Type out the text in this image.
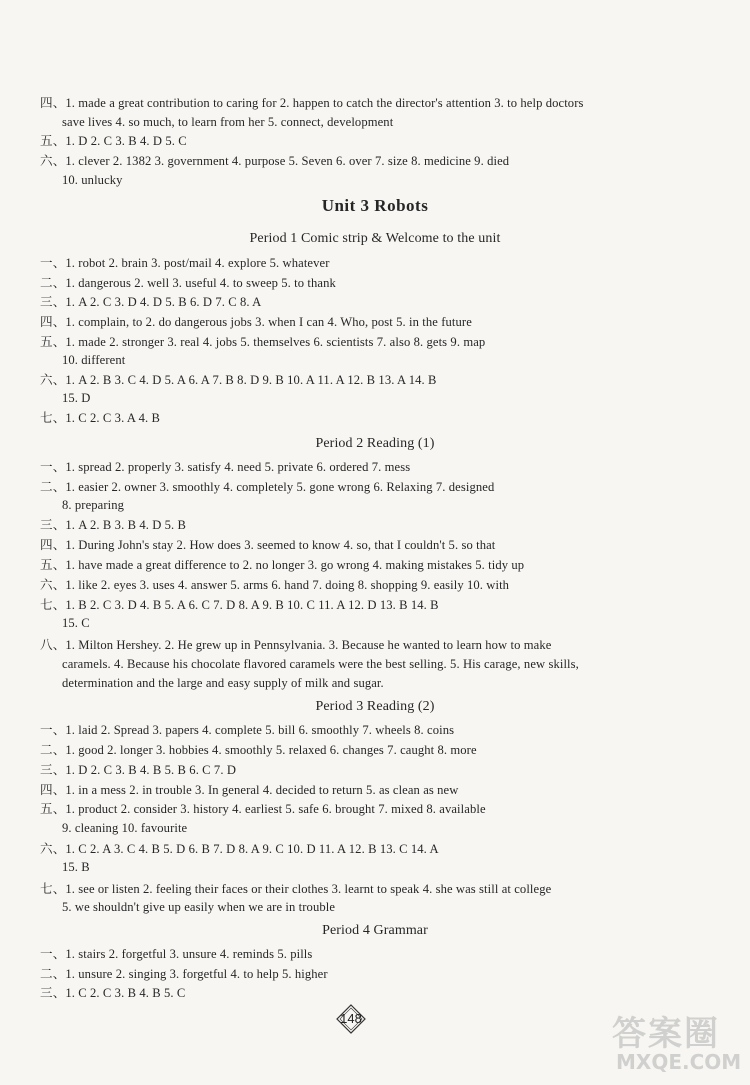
四、1. made a great contribution to caring for 2. happen to catch the director's attention 3. to help doctors
save lives 4. so much, to learn from her 5. connect, development
五、1. D 2. C 3. B 4. D 5. C
六、1. clever 2. 1382 3. government 4. purpose 5. Seven 6. over 7. size 8. medicine 9. died
10. unlucky
Unit 3 Robots
Period 1 Comic strip & Welcome to the unit
一、1. robot 2. brain 3. post/mail 4. explore 5. whatever
二、1. dangerous 2. well 3. useful 4. to sweep 5. to thank
三、1. A 2. C 3. D 4. D 5. B 6. D 7. C 8. A
四、1. complain, to 2. do dangerous jobs 3. when I can 4. Who, post 5. in the future
五、1. made 2. stronger 3. real 4. jobs 5. themselves 6. scientists 7. also 8. gets 9. map
10. different
六、1. A 2. B 3. C 4. D 5. A 6. A 7. B 8. D 9. B 10. A 11. A 12. B 13. A 14. B
15. D
七、1. C 2. C 3. A 4. B
Period 2 Reading (1)
一、1. spread 2. properly 3. satisfy 4. need 5. private 6. ordered 7. mess
二、1. easier 2. owner 3. smoothly 4. completely 5. gone wrong 6. Relaxing 7. designed
8. preparing
三、1. A 2. B 3. B 4. D 5. B
四、1. During John's stay 2. How does 3. seemed to know 4. so, that I couldn't 5. so that
五、1. have made a great difference to 2. no longer 3. go wrong 4. making mistakes 5. tidy up
六、1. like 2. eyes 3. uses 4. answer 5. arms 6. hand 7. doing 8. shopping 9. easily 10. with
七、1. B 2. C 3. D 4. B 5. A 6. C 7. D 8. A 9. B 10. C 11. A 12. D 13. B 14. B
15. C
八、1. Milton Hershey. 2. He grew up in Pennsylvania. 3. Because he wanted to learn how to make
caramels. 4. Because his chocolate flavored caramels were the best selling. 5. His carage, new skills,
determination and the large and easy supply of milk and sugar.
Period 3 Reading (2)
一、1. laid 2. Spread 3. papers 4. complete 5. bill 6. smoothly 7. wheels 8. coins
二、1. good 2. longer 3. hobbies 4. smoothly 5. relaxed 6. changes 7. caught 8. more
三、1. D 2. C 3. B 4. B 5. B 6. C 7. D
四、1. in a mess 2. in trouble 3. In general 4. decided to return 5. as clean as new
五、1. product 2. consider 3. history 4. earliest 5. safe 6. brought 7. mixed 8. available
9. cleaning 10. favourite
六、1. C 2. A 3. C 4. B 5. D 6. B 7. D 8. A 9. C 10. D 11. A 12. B 13. C 14. A
15. B
七、1. see or listen 2. feeling their faces or their clothes 3. learnt to speak 4. she was still at college
5. we shouldn't give up easily when we are in trouble
Period 4 Grammar
一、1. stairs 2. forgetful 3. unsure 4. reminds 5. pills
二、1. unsure 2. singing 3. forgetful 4. to help 5. higher
三、1. C 2. C 3. B 4. B 5. C
148	答案圈
MXQE.COM
